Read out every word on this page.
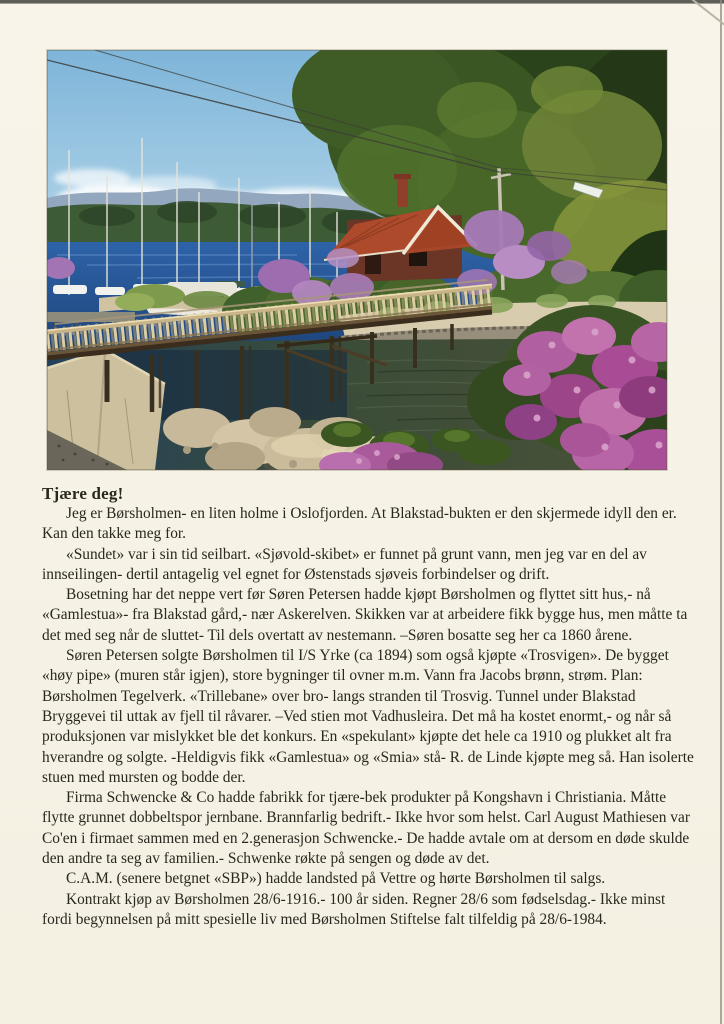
Tjære deg!

Jeg er Børsholmen- en liten holme i Oslofjorden. At Blakstad-bukten er den skjermede idyll den er. Kan den takke meg for.

«Sundet» var i sin tid seilbart. «Sjøvold-skibet» er funnet på grunt vann, men jeg var en del av innseilingen- dertil antagelig vel egnet for Østenstads sjøveis forbindelser og drift.

Bosetning har det neppe vert før Søren Petersen hadde kjøpt Børsholmen og flyttet sitt hus,- nå «Gamlestua»- fra Blakstad gård,- nær Askerelven. Skikken var at arbeidere fikk bygge hus, men måtte ta det med seg når de sluttet- Til dels overtatt av nestemann. –Søren bosatte seg her ca 1860 årene.

Søren Petersen solgte Børsholmen til I/S Yrke (ca 1894) som også kjøpte «Trosvigen». De bygget «høy pipe» (muren står igjen), store bygninger til ovner m.m. Vann fra Jacobs brønn, strøm. Plan: Børsholmen Tegelverk. «Trillebane» over bro- langs stranden til Trosvig. Tunnel under Blakstad Bryggevei til uttak av fjell til råvarer. –Ved stien mot Vadhusleira. Det må ha kostet enormt,- og når så produksjonen var mislykket ble det konkurs. En «spekulant» kjøpte det hele ca 1910 og plukket alt fra hverandre og solgte. -Heldigvis fikk «Gamlestua» og «Smia» stå- R. de Linde kjøpte meg så. Han isolerte stuen med mursten og bodde der.

Firma Schwencke & Co hadde fabrikk for tjære-bek produkter på Kongshavn i Christiania. Måtte flytte grunnet dobbeltspor jernbane. Brannfarlig bedrift.- Ikke hvor som helst. Carl August Mathiesen var Co'en i firmaet sammen med en 2.generasjon Schwencke.- De hadde avtale om at dersom en døde skulde den andre ta seg av familien.- Schwenke røkte på sengen og døde av det.

C.A.M. (senere betgnet «SBP») hadde landsted på Vettre og hørte Børsholmen til salgs.

Kontrakt kjøp av Børsholmen 28/6-1916.- 100 år siden. Regner 28/6 som fødselsdag.- Ikke minst fordi begynnelsen på mitt spesielle liv med Børsholmen Stiftelse falt tilfeldig på 28/6-1984.
